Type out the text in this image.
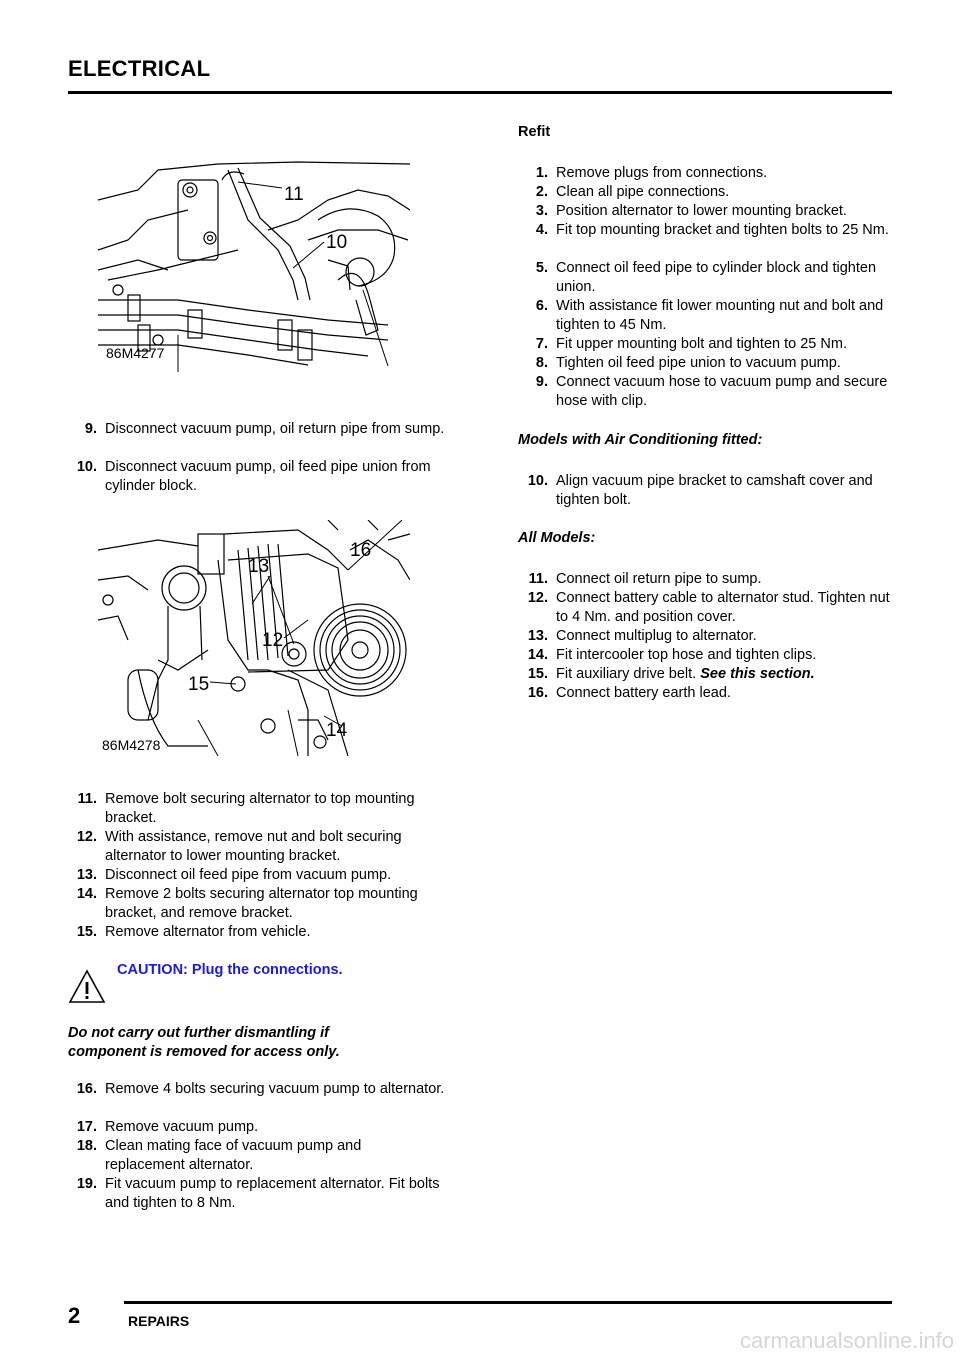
ELECTRICAL
11
10
86M4277
9. Disconnect vacuum pump, oil return pipe from sump.
10. Disconnect vacuum pump, oil feed pipe union from cylinder block.
16
13
12
15
14
86M4278
11. Remove bolt securing alternator to top mounting bracket.
12. With assistance, remove nut and bolt securing alternator to lower mounting bracket.
13. Disconnect oil feed pipe from vacuum pump.
14. Remove 2 bolts securing alternator top mounting bracket, and remove bracket.
15. Remove alternator from vehicle.
CAUTION: Plug the connections.
Do not carry out further dismantling if component is removed for access only.
16. Remove 4 bolts securing vacuum pump to alternator.
17. Remove vacuum pump.
18. Clean mating face of vacuum pump and replacement alternator.
19. Fit vacuum pump to replacement alternator. Fit bolts and tighten to 8 Nm.
Refit
1. Remove plugs from connections.
2. Clean all pipe connections.
3. Position alternator to lower mounting bracket.
4. Fit top mounting bracket and tighten bolts to 25 Nm.
5. Connect oil feed pipe to cylinder block and tighten union.
6. With assistance fit lower mounting nut and bolt and tighten to 45 Nm.
7. Fit upper mounting bolt and tighten to 25 Nm.
8. Tighten oil feed pipe union to vacuum pump.
9. Connect vacuum hose to vacuum pump and secure hose with clip.
Models with Air Conditioning fitted:
10. Align vacuum pipe bracket to camshaft cover and tighten bolt.
All Models:
11. Connect oil return pipe to sump.
12. Connect battery cable to alternator stud. Tighten nut to 4 Nm. and position cover.
13. Connect multiplug to alternator.
14. Fit intercooler top hose and tighten clips.
15. Fit auxiliary drive belt. See this section.
16. Connect battery earth lead.
2	REPAIRS
carmanualsonline.info
